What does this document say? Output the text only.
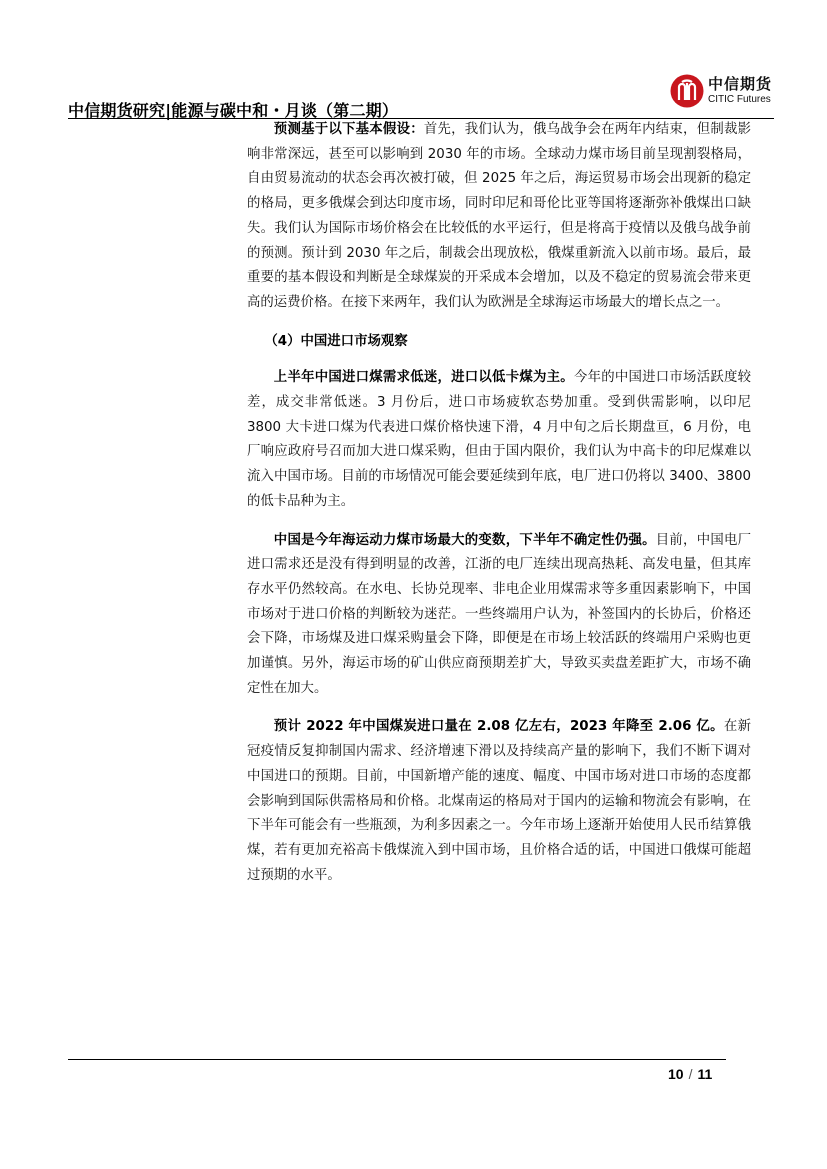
中信期货研究|能源与碳中和・月谈（第二期）
中信期货
CITIC Futures

预测基于以下基本假设：首先，我们认为，俄乌战争会在两年内结束，但制裁影响非常深远，甚至可以影响到 2030 年的市场。全球动力煤市场目前呈现割裂格局，自由贸易流动的状态会再次被打破，但 2025 年之后，海运贸易市场会出现新的稳定的格局，更多俄煤会到达印度市场，同时印尼和哥伦比亚等国将逐渐弥补俄煤出口缺失。我们认为国际市场价格会在比较低的水平运行，但是将高于疫情以及俄乌战争前的预测。预计到 2030 年之后，制裁会出现放松，俄煤重新流入以前市场。最后，最重要的基本假设和判断是全球煤炭的开采成本会增加，以及不稳定的贸易流会带来更高的运费价格。在接下来两年，我们认为欧洲是全球海运市场最大的增长点之一。

（4）中国进口市场观察

上半年中国进口煤需求低迷，进口以低卡煤为主。今年的中国进口市场活跃度较差，成交非常低迷。3 月份后，进口市场疲软态势加重。受到供需影响，以印尼 3800 大卡进口煤为代表进口煤价格快速下滑，4 月中旬之后长期盘亘，6 月份，电厂响应政府号召而加大进口煤采购，但由于国内限价，我们认为中高卡的印尼煤难以流入中国市场。目前的市场情况可能会要延续到年底，电厂进口仍将以 3400、3800 的低卡品种为主。

中国是今年海运动力煤市场最大的变数，下半年不确定性仍强。目前，中国电厂进口需求还是没有得到明显的改善，江浙的电厂连续出现高热耗、高发电量，但其库存水平仍然较高。在水电、长协兑现率、非电企业用煤需求等多重因素影响下，中国市场对于进口价格的判断较为迷茫。一些终端用户认为，补签国内的长协后，价格还会下降，市场煤及进口煤采购量会下降，即便是在市场上较活跃的终端用户采购也更加谨慎。另外，海运市场的矿山供应商预期差扩大，导致买卖盘差距扩大，市场不确定性在加大。

预计 2022 年中国煤炭进口量在 2.08 亿左右，2023 年降至 2.06 亿。在新冠疫情反复抑制国内需求、经济增速下滑以及持续高产量的影响下，我们不断下调对中国进口的预期。目前，中国新增产能的速度、幅度、中国市场对进口市场的态度都会影响到国际供需格局和价格。北煤南运的格局对于国内的运输和物流会有影响，在下半年可能会有一些瓶颈，为利多因素之一。今年市场上逐渐开始使用人民币结算俄煤，若有更加充裕高卡俄煤流入到中国市场，且价格合适的话，中国进口俄煤可能超过预期的水平。

10 / 11
